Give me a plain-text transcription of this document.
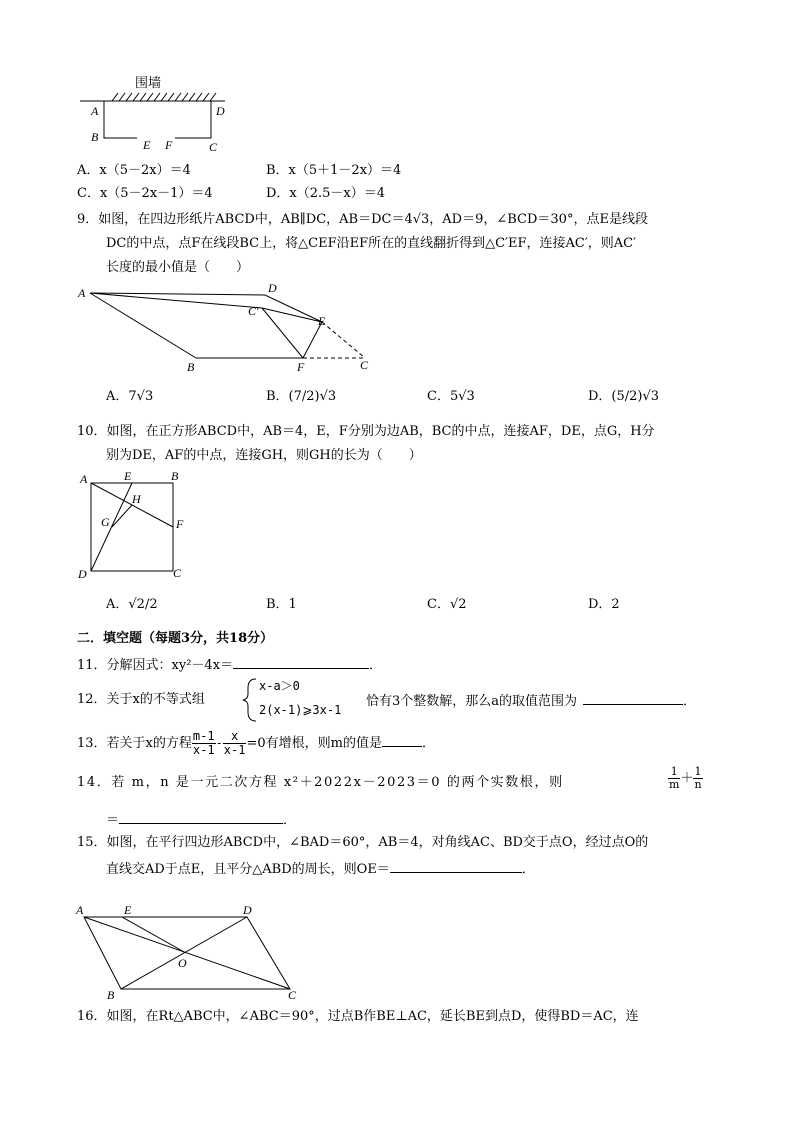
围墙
A	D
B
E F	C
A．x（5－2x）＝4	B．x（5＋1－2x）＝4
C．x（5－2x－1）＝4	D．x（2.5－x）＝4
9．如图，在四边形纸片ABCD中，AB∥DC，AB＝DC＝4√3，AD＝9，∠BCD＝30°，点E是线段
DC的中点，点F在线段BC上，将△CEF沿EF所在的直线翻折得到△C′EF，连接AC′，则AC′
长度的最小值是（　　）
A	D
C′
E
B	F	C
A．7√3	B．(7/2)√3	C．5√3	D．(5/2)√3
10．如图，在正方形ABCD中，AB＝4，E，F分别为边AB，BC的中点，连接AF，DE，点G，H分
别为DE，AF的中点，连接GH，则GH的长为（　　）
A	E	B
H
G	F
D	C
A．√2/2	B．1	C．√2	D．2
二．填空题（每题3分，共18分）
11．分解因式：xy²－4x＝	．
12．关于x的不等式组
x-a＞0
2(x-1)⩾3x-1
恰有3个整数解，那么a的取值范围为	．
13．若关于x的方程 $\frac{m-1}{x-1} - \frac{x}{x-1} =0$有增根，则m的值是	．
14．若 m，n 是一元二次方程 x²＋2022x－2023＝0 的两个实数根，则	$\frac{1}{m} + \frac{1}{n}$
＝	．
15．如图，在平行四边形ABCD中，∠BAD＝60°，AB＝4，对角线AC、BD交于点O，经过点O的
直线交AD于点E，且平分△ABD的周长，则OE＝	．
A	E	D
O
B	C
16．如图，在Rt△ABC中，∠ABC＝90°，过点B作BE⊥AC，延长BE到点D，使得BD＝AC，连
